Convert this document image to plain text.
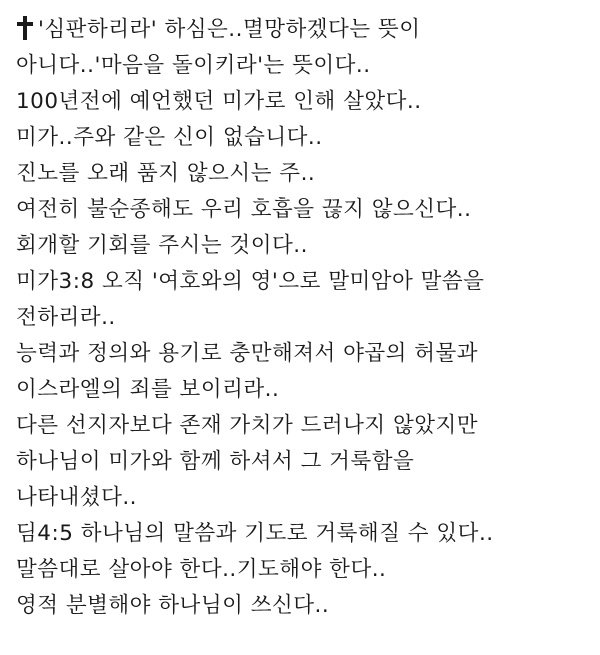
'심판하리라' 하심은..멸망하겠다는 뜻이
아니다..'마음을 돌이키라'는 뜻이다..
100년전에 예언했던 미가로 인해 살았다..
미가..주와 같은 신이 없습니다..
진노를 오래 품지 않으시는 주..
여전히 불순종해도 우리 호흡을 끊지 않으신다..
회개할 기회를 주시는 것이다..
미가3:8 오직 '여호와의 영'으로 말미암아 말씀을
전하리라..
능력과 정의와 용기로 충만해져서 야곱의 허물과
이스라엘의 죄를 보이리라..
다른 선지자보다 존재 가치가 드러나지 않았지만
하나님이 미가와 함께 하셔서 그 거룩함을
나타내셨다..
딤4:5 하나님의 말씀과 기도로 거룩해질 수 있다..
말씀대로 살아야 한다..기도해야 한다..
영적 분별해야 하나님이 쓰신다..
